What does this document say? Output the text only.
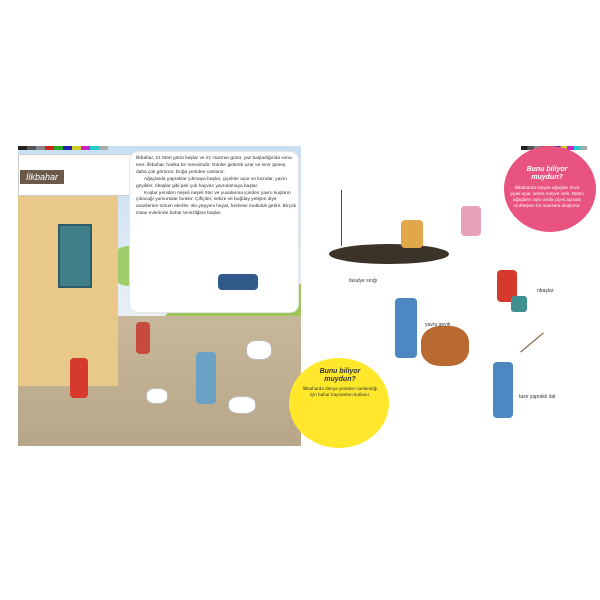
İlkbahar

İlkbahar, 21 Mart günü başlar ve 21 Haziran günü, yaz başladığında sona erer. İlkbahar, harika bir mevsimdir. Günler giderek uzar ve sınır güneş daha çok görünür. Doğa yeniden canlanır.

Ağaçlarda yapraklar çıkmaya başlar, çiçekler açar ve kuzular, yavru geyikler, nbaşlar gibi pek çok hayvan yavrulamaya başlar.

Kuşlar yeniden neşeli neşeli öter ve yuvalarına içinden yavru kuşların çıkacağı yumurtalar bırakır. Çiftçiler, sebze ve buğday yetişen diye arazilerine tohum ekerler. Bu yepyeni hayat, herkese mutluluk getirir. Birçok insan evlerinde bahar temizliğine başlar.

Bunu biliyor muydun?
İlkbaharda meyve ağaçları önce çiçek açar, sonra meyve verir. Bütün ağaçların aynı anda çiçek açması muhteşem bir manzara oluşturur.
fasulye sırığı
nbaşlar
yavru geyik
taze yapraklı dal
Bunu biliyor muydun?
İlkbaharda dünya yeniden canlandığı için bahar bayramları kutlanır.
